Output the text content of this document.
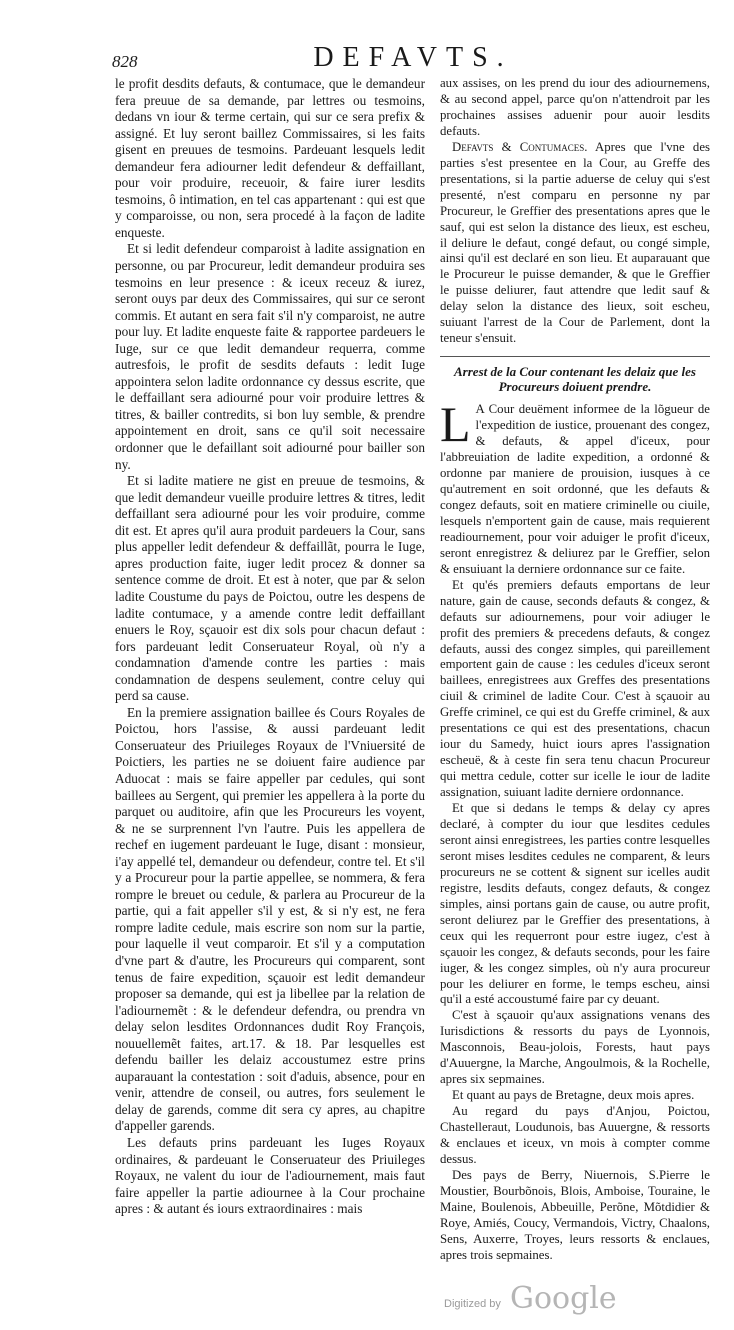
828	DEFAVTS.

le profit desdits defauts, & contumace, que le demandeur fera preuue de sa demande, par lettres ou tesmoins, dedans vn iour & terme certain, qui sur ce sera prefix & assigné. Et luy seront baillez Commissaires, si les faits gisent en preuues de tesmoins. Pardeuant lesquels ledit demandeur fera adiourner ledit defendeur & deffaillant, pour voir produire, receuoir, & faire iurer lesdits tesmoins, ô intimation, en tel cas appartenant : qui est que y comparoisse, ou non, sera procedé à la façon de ladite enqueste.

Et si ledit defendeur comparoist à ladite assignation en personne, ou par Procureur, ledit demandeur produira ses tesmoins en leur presence : & iceux receuz & iurez, seront ouys par deux des Commissaires, qui sur ce seront commis. Et autant en sera fait s'il n'y comparoist, ne autre pour luy. Et ladite enqueste faite & rapportee pardeuers le Iuge, sur ce que ledit demandeur requerra, comme autresfois, le profit de sesdits defauts : ledit Iuge appointera selon ladite ordonnance cy dessus escrite, que le deffaillant sera adiourné pour voir produire lettres & titres, & bailler contredits, si bon luy semble, & prendre appointement en droit, sans ce qu'il soit necessaire ordonner que le defaillant soit adiourné pour bailler son ny.

Et si ladite matiere ne gist en preuue de tesmoins, & que ledit demandeur vueille produire lettres & titres, ledit deffaillant sera adiourné pour les voir produire, comme dit est. Et apres qu'il aura produit pardeuers la Cour, sans plus appeller ledit defendeur & deffaillãt, pourra le Iuge, apres production faite, iuger ledit procez & donner sa sentence comme de droit. Et est à noter, que par & selon ladite Coustume du pays de Poictou, outre les despens de ladite contumace, y a amende contre ledit deffaillant enuers le Roy, sçauoir est dix sols pour chacun defaut : fors pardeuant ledit Conseruateur Royal, où n'y a condamnation d'amende contre les parties : mais condamnation de despens seulement, contre celuy qui perd sa cause.

En la premiere assignation baillee és Cours Royales de Poictou, hors l'assise, & aussi pardeuant ledit Conseruateur des Priuileges Royaux de l'Vniuersité de Poictiers, les parties ne se doiuent faire audience par Aduocat : mais se faire appeller par cedules, qui sont baillees au Sergent, qui premier les appellera à la porte du parquet ou auditoire, afin que les Procureurs les voyent, & ne se surprennent l'vn l'autre. Puis les appellera de rechef en iugement pardeuant le Iuge, disant : monsieur, i'ay appellé tel, demandeur ou defendeur, contre tel. Et s'il y a Procureur pour la partie appellee, se nommera, & fera rompre le breuet ou cedule, & parlera au Procureur de la partie, qui a fait appeller s'il y est, & si n'y est, ne fera rompre ladite cedule, mais escrire son nom sur la partie, pour laquelle il veut comparoir. Et s'il y a computation d'vne part & d'autre, les Procureurs qui comparent, sont tenus de faire expedition, sçauoir est ledit demandeur proposer sa demande, qui est ja libellee par la relation de l'adiournemẽt : & le defendeur defendra, ou prendra vn delay selon lesdites Ordonnances dudit Roy François, nouuellemẽt faites, art.17. & 18. Par lesquelles est defendu bailler les delaiz accoustumez estre prins auparauant la contestation : soit d'aduis, absence, pour en venir, attendre de conseil, ou autres, fors seulement le delay de garends, comme dit sera cy apres, au chapitre d'appeller garends.

Les defauts prins pardeuant les Iuges Royaux ordinaires, & pardeuant le Conseruateur des Priuileges Royaux, ne valent du iour de l'adiournement, mais faut faire appeller la partie adiournee à la Cour prochaine apres : & autant és iours extraordinaires : mais

aux assises, on les prend du iour des adiournemens, & au second appel, parce qu'on n'attendroit par les prochaines assises aduenir pour auoir lesdits defauts.

Defavts & Contumaces. Apres que l'vne des parties s'est presentee en la Cour, au Greffe des presentations, si la partie aduerse de celuy qui s'est presenté, n'est comparu en personne ny par Procureur, le Greffier des presentations apres que le sauf, qui est selon la distance des lieux, est escheu, il deliure le defaut, congé defaut, ou congé simple, ainsi qu'il est declaré en son lieu. Et auparauant que le Procureur le puisse demander, & que le Greffier le puisse deliurer, faut attendre que ledit sauf & delay selon la distance des lieux, soit escheu, suiuant l'arrest de la Cour de Parlement, dont la teneur s'ensuit.

Arrest de la Cour contenant les delaiz que les Procureurs doiuent prendre.

L A Cour deuëment informee de la lõgueur de l'expedition de iustice, prouenant des congez, & defauts, & appel d'iceux, pour l'abbreuiation de ladite expedition, a ordonné & ordonne par maniere de prouision, iusques à ce qu'autrement en soit ordonné, que les defauts & congez defauts, soit en matiere criminelle ou ciuile, lesquels n'emportent gain de cause, mais requierent readiournement, pour voir aduiger le profit d'iceux, seront enregistrez & deliurez par le Greffier, selon & ensuiuant la derniere ordonnance sur ce faite.

Et qu'és premiers defauts emportans de leur nature, gain de cause, seconds defauts & congez, & defauts sur adiournemens, pour voir adiuger le profit des premiers & precedens defauts, & congez defauts, aussi des congez simples, qui pareillement emportent gain de cause : les cedules d'iceux seront baillees, enregistrees aux Greffes des presentations ciuil & criminel de ladite Cour. C'est à sçauoir au Greffe criminel, ce qui est du Greffe criminel, & aux presentations ce qui est des presentations, chacun iour du Samedy, huict iours apres l'assignation escheuë, & à ceste fin sera tenu chacun Procureur qui mettra cedule, cotter sur icelle le iour de ladite assignation, suiuant ladite derniere ordonnance.

Et que si dedans le temps & delay cy apres declaré, à compter du iour que lesdites cedules seront ainsi enregistrees, les parties contre lesquelles seront mises lesdites cedules ne comparent, & leurs procureurs ne se cottent & signent sur icelles audit registre, lesdits defauts, congez defauts, & congez simples, ainsi portans gain de cause, ou autre profit, seront deliurez par le Greffier des presentations, à ceux qui les requerront pour estre iugez, c'est à sçauoir les congez, & defauts seconds, pour les faire iuger, & les congez simples, où n'y aura procureur pour les deliurer en forme, le temps escheu, ainsi qu'il a esté accoustumé faire par cy deuant.

C'est à sçauoir qu'aux assignations venans des Iurisdictions & ressorts du pays de Lyonnois, Masconnois, Beau-jolois, Forests, haut pays d'Auuergne, la Marche, Angoulmois, & la Rochelle, apres six sepmaines.

Et quant au pays de Bretagne, deux mois apres.

Au regard du pays d'Anjou, Poictou, Chastelleraut, Loudunois, bas Auuergne, & ressorts & enclaues et iceux, vn mois à compter comme dessus.

Des pays de Berry, Niuernois, S.Pierre le Moustier, Bourbõnois, Blois, Amboise, Touraine, le Maine, Boulenois, Abbeuille, Perõne, Mõtdidier & Roye, Amiés, Coucy, Vermandois, Victry, Chaalons, Sens, Auxerre, Troyes, leurs ressorts & enclaues, apres trois sepmaines.

Digitized by Google
